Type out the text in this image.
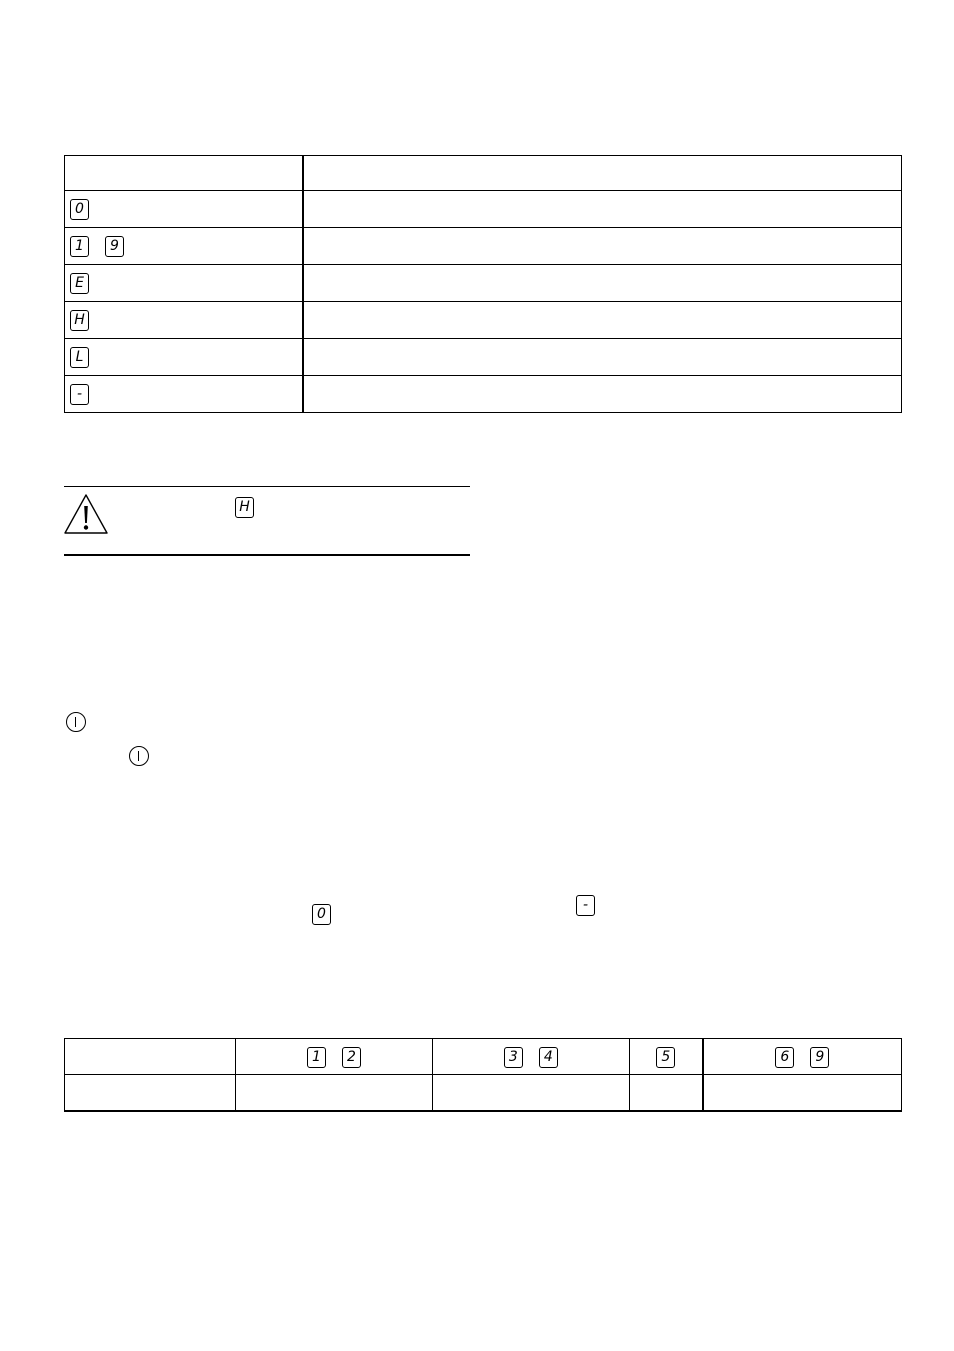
0	

1 9	

E	

H	

L	

-	

H
-
0
	1 2	3 4	5	6 9
